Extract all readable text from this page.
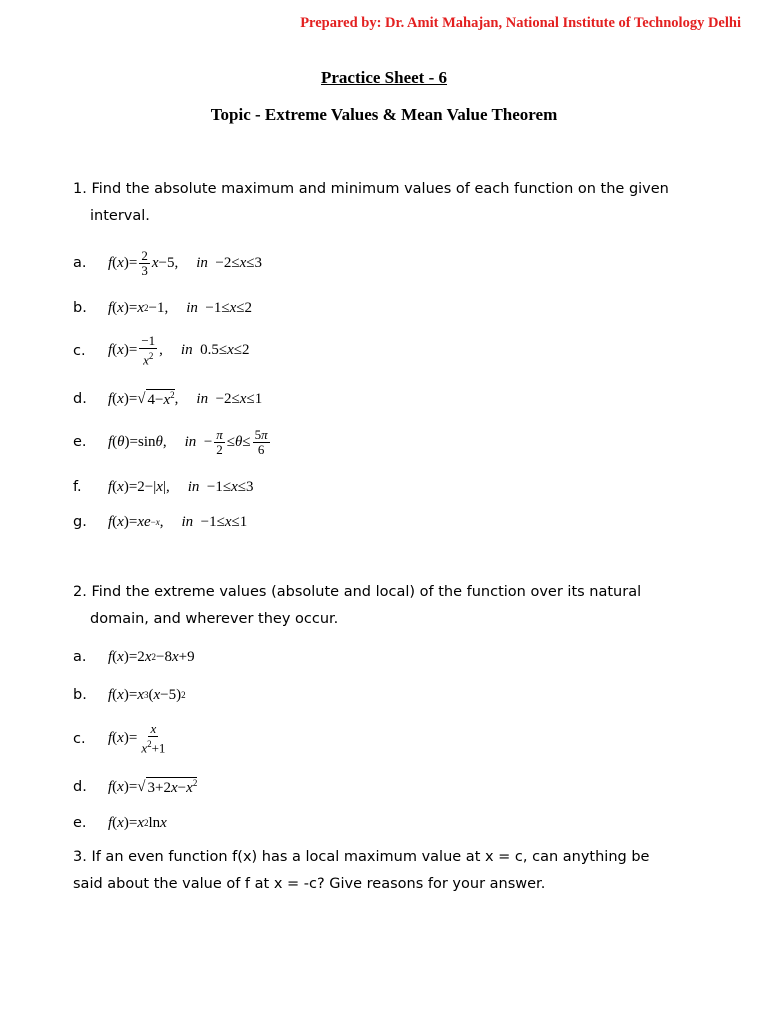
Prepared by: Dr. Amit Mahajan, National Institute of Technology Delhi
Practice Sheet - 6
Topic - Extreme Values & Mean Value Theorem
1. Find the absolute maximum and minimum values of each function on the given
interval.
a.	f ( x )= 2
3 x −5, in −2≤ x ≤3
b.	f ( x )= x 2 −1, in −1≤ x ≤2
c.	f ( x )=
−1
$x^2$ , in 0.5≤ x ≤2
d.	f ( x )=√ $4-x^2$ , in −2≤ x ≤1
e.	f ( θ )=sin θ , in − π
2 ≤ θ ≤ 5π
6
f.	f ( x )=2−| x |, in −1≤ x ≤3
g.	f ( x )= xe −x , in −1≤ x ≤1
2. Find the extreme values (absolute and local) of the function over its natural
domain, and wherever they occur.
a.	f ( x )=2 x 2 −8 x +9
b.	f ( x )= x 3 ( x −5) 2
c.	f ( x )=
x
$x^2+1$
d.	f ( x )=√ $3+2x-x^2$
e.	f ( x )= x 2 ln x
3. If an even function f(x) has a local maximum value at x = c, can anything be
said about the value of f at x = -c? Give reasons for your answer.
